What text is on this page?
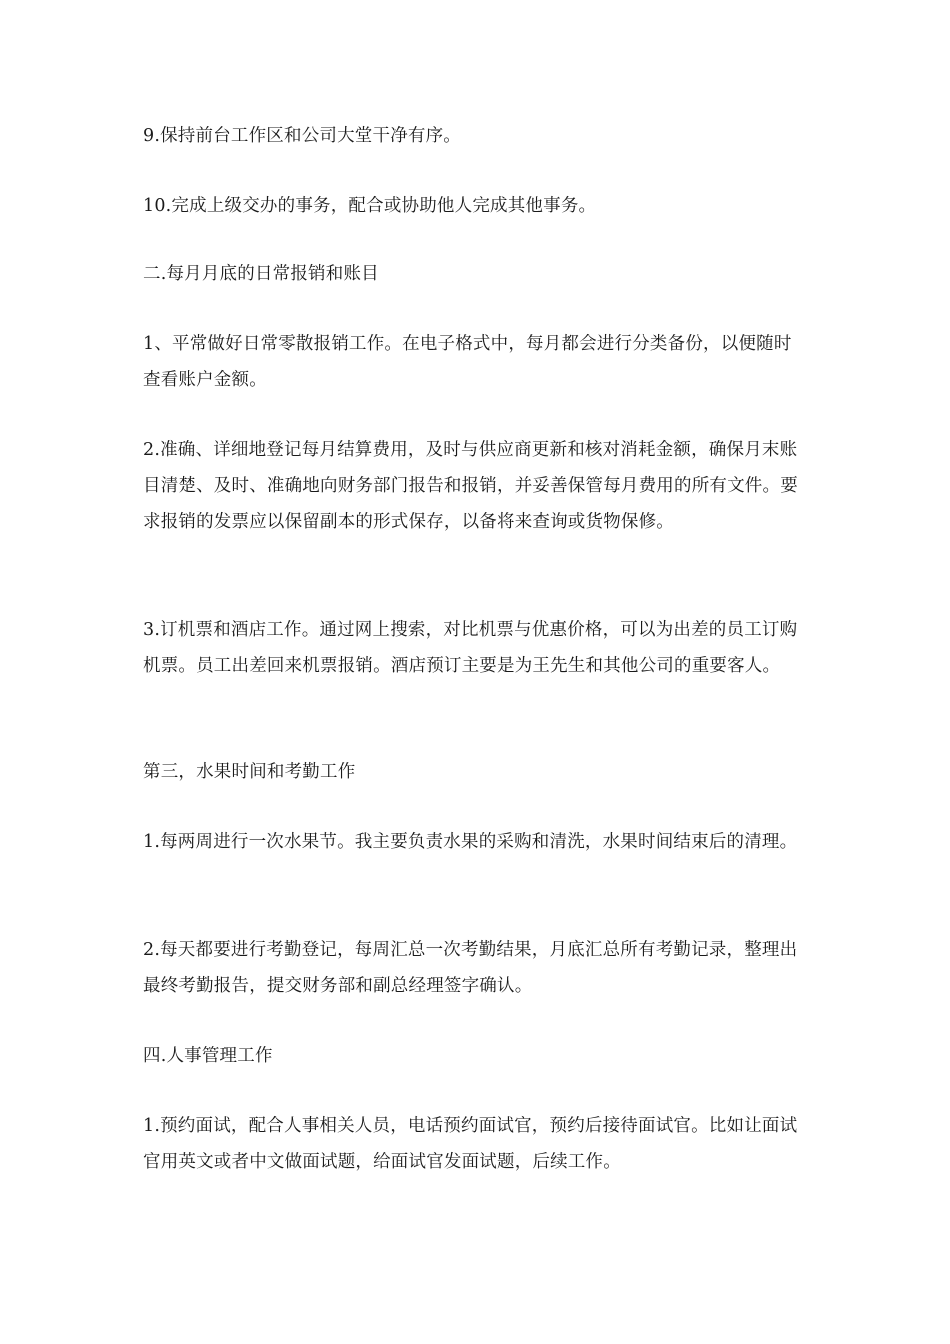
9.保持前台工作区和公司大堂干净有序。

10.完成上级交办的事务，配合或协助他人完成其他事务。

二.每月月底的日常报销和账目

1、平常做好日常零散报销工作。在电子格式中，每月都会进行分类备份，以便随时查看账户金额。

2.准确、详细地登记每月结算费用，及时与供应商更新和核对消耗金额，确保月末账目清楚、及时、准确地向财务部门报告和报销，并妥善保管每月费用的所有文件。要求报销的发票应以保留副本的形式保存，以备将来查询或货物保修。

3.订机票和酒店工作。通过网上搜索，对比机票与优惠价格，可以为出差的员工订购机票。员工出差回来机票报销。酒店预订主要是为王先生和其他公司的重要客人。

第三，水果时间和考勤工作

1.每两周进行一次水果节。我主要负责水果的采购和清洗，水果时间结束后的清理。

2.每天都要进行考勤登记，每周汇总一次考勤结果，月底汇总所有考勤记录，整理出最终考勤报告，提交财务部和副总经理签字确认。

四.人事管理工作

1.预约面试，配合人事相关人员，电话预约面试官，预约后接待面试官。比如让面试官用英文或者中文做面试题，给面试官发面试题，后续工作。
